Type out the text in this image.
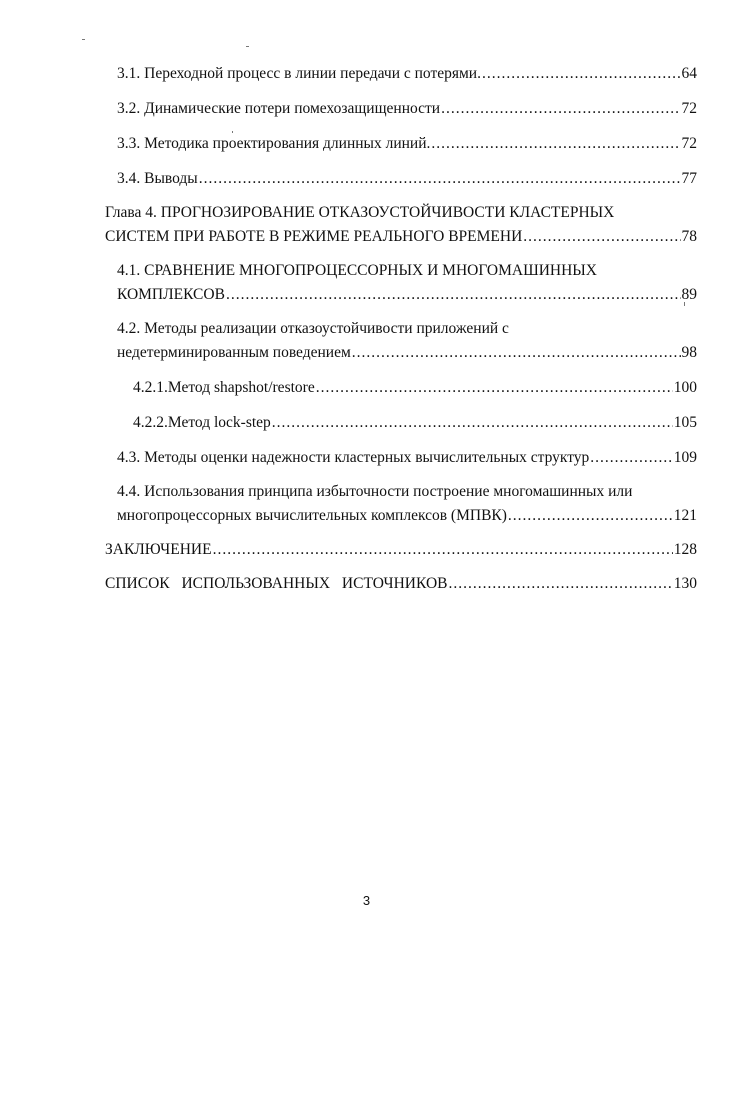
3.1. Переходной процесс в линии передачи с потерями. .....	64
3.2. Динамические потери помехозащищенности .....	72
3.3. Методика проектирования длинных линий. .....	72
3.4. Выводы .....	77
Глава 4. ПРОГНОЗИРОВАНИЕ ОТКАЗОУСТОЙЧИВОСТИ КЛАСТЕРНЫХ
СИСТЕМ ПРИ РАБОТЕ В РЕЖИМЕ РЕАЛЬНОГО ВРЕМЕНИ .....	78
4.1. СРАВНЕНИЕ МНОГОПРОЦЕССОРНЫХ И МНОГОМАШИННЫХ
КОМПЛЕКСОВ .....	89
4.2. Методы реализации отказоустойчивости приложений с
недетерминированным поведением .....	98
4.2.1.Метод shapshot/restore .....	100
4.2.2.Метод lock-step .....	105
4.3. Методы оценки надежности кластерных вычислительных структур .....	109
4.4. Использования принципа избыточности построение многомашинных или
многопроцессорных вычислительных комплексов (МПВК) .....	121
ЗАКЛЮЧЕНИЕ .....	128
СПИСОК ИСПОЛЬЗОВАННЫХ ИСТОЧНИКОВ .....	130
3
